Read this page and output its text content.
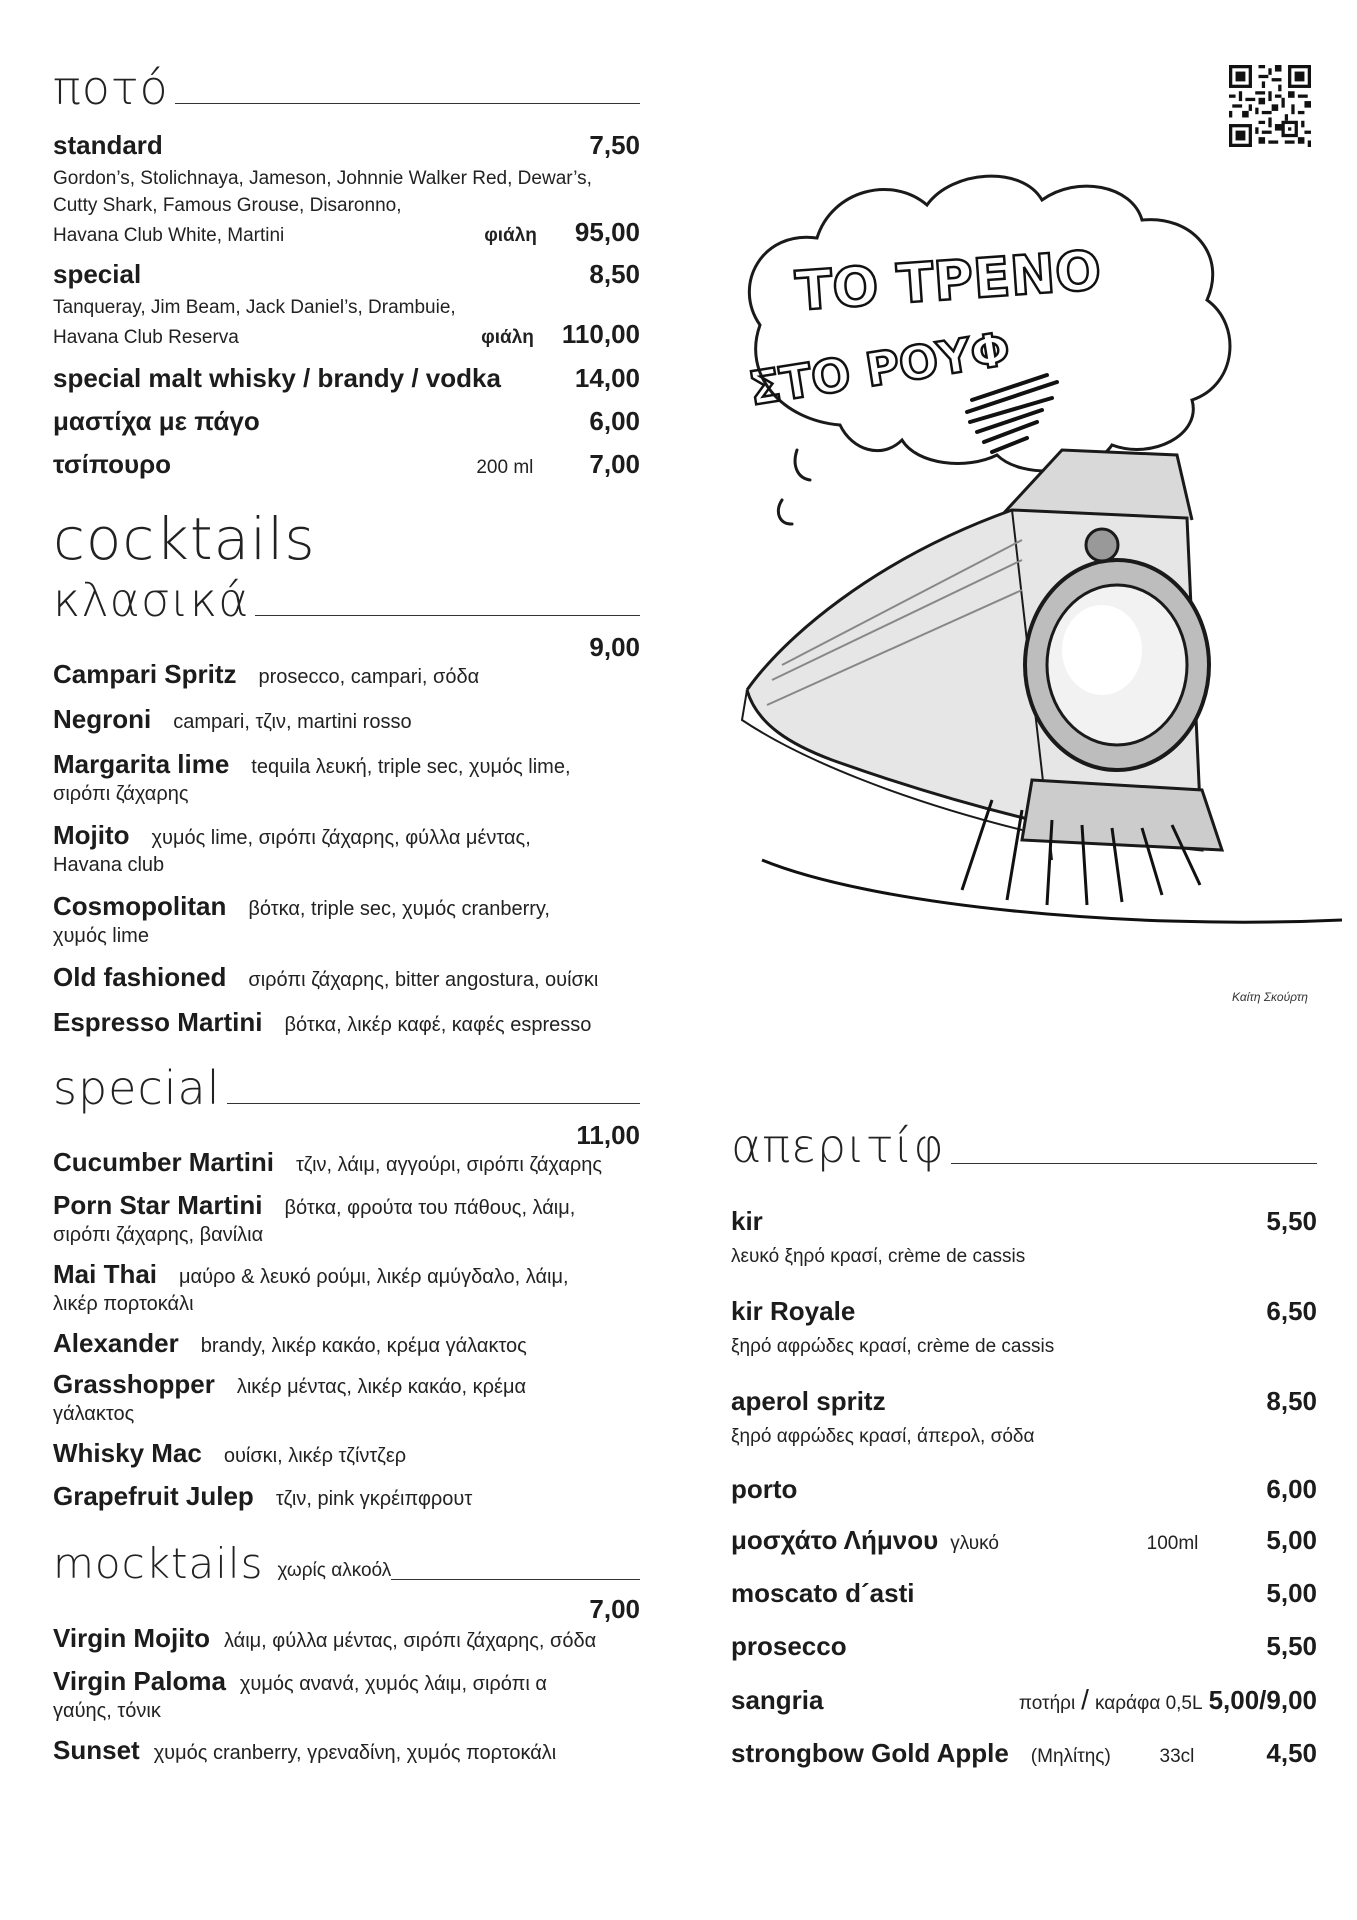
ποτό
standard	7,50
Gordon’s, Stolichnaya, Jameson, Johnnie Walker Red, Dewar’s, Cutty Shark, Famous Grouse, Disaronno,
Havana Club White, Martini	φιάλη 95,00
special	8,50
Tanqueray, Jim Beam, Jack Daniel’s, Drambuie,
Havana Club Reserva	φιάλη 110,00
special malt whisky / brandy / vodka	14,00
μαστίχα με πάγο	6,00
τσίπουρο	200 ml 7,00
cocktails
κλασικά
9,00
Campari Spritz prosecco, campari, σόδα
Negroni campari, τζιν, martini rosso
Margarita lime tequila λευκή, triple sec, χυμός lime,
σιρόπι ζάχαρης
Mojito χυμός lime, σιρόπι ζάχαρης, φύλλα μέντας,
Havana club
Cosmopolitan βότκα, triple sec, χυμός cranberry,
χυμός lime
Old fashioned σιρόπι ζάχαρης, bitter angostura, ουίσκι
Espresso Martini βότκα, λικέρ καφέ, καφές espresso
special
11,00
Cucumber Martini τζιν, λάιμ, αγγούρι, σιρόπι ζάχαρης
Porn Star Martini βότκα, φρούτα του πάθους, λάιμ,
σιρόπι ζάχαρης, βανίλια
Mai Thai μαύρο & λευκό ρούμι, λικέρ αμύγδαλο, λάιμ,
λικέρ πορτοκάλι
Alexander brandy, λικέρ κακάο, κρέμα γάλακτος
Grasshopper λικέρ μέντας, λικέρ κακάο, κρέμα
γάλακτος
Whisky Mac ουίσκι, λικέρ τζίντζερ
Grapefruit Julep τζιν, pink γκρέιπφρουτ
mocktails χωρίς αλκοόλ
7,00
Virgin Mojito λάιμ, φύλλα μέντας, σιρόπι ζάχαρης, σόδα
Virgin Paloma χυμός ανανά, χυμός λάιμ, σιρόπι α
γαύης, τόνικ
Sunset χυμός cranberry, γρεναδίνη, χυμός πορτοκάλι
ΤΟ ΤΡΕΝΟ
ΣΤΟ ΡΟΥΦ
Καίτη Σκούρτη
απεριτίφ
kir	5,50
λευκό ξηρό κρασί, crème de cassis
kir Royale	6,50
ξηρό αφρώδες κρασί, crème de cassis
aperol spritz	8,50
ξηρό αφρώδες κρασί, άπερολ, σόδα
porto	6,00
μοσχάτο Λήμνου γλυκό	100ml	5,00
moscato d´asti	5,00
prosecco	5,50
sangria	ποτήρι / καράφα 0,5L 5,00/9,00
strongbow Gold Apple (Μηλίτης)	33cl	4,50
